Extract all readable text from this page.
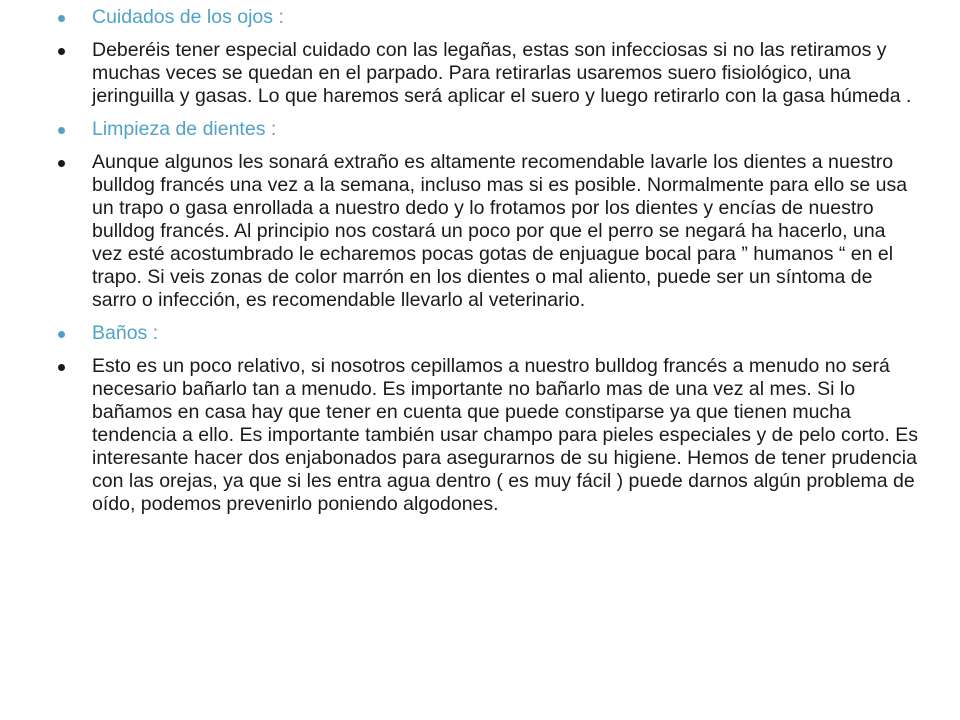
Cuidados de los ojos :
Deberéis tener especial cuidado con las legañas, estas son infecciosas si no las retiramos y muchas veces se quedan en el parpado. Para retirarlas usaremos suero fisiológico, una jeringuilla y gasas. Lo que haremos será aplicar el suero y luego retirarlo con la gasa húmeda .
Limpieza de dientes :
Aunque algunos les sonará extraño es altamente recomendable lavarle los dientes a nuestro bulldog francés una vez a la semana, incluso mas si es posible. Normalmente para ello se usa un trapo o gasa enrollada a nuestro dedo y lo frotamos por los dientes y encías de nuestro bulldog francés. Al principio nos costará un poco por que el perro se negará ha hacerlo, una vez esté acostumbrado le echaremos pocas gotas de enjuague bocal para ” humanos “ en el trapo. Si veis zonas de color marrón en los dientes o mal aliento, puede ser un síntoma de sarro o infección, es recomendable llevarlo al veterinario.
Baños :
Esto es un poco relativo, si nosotros cepillamos a nuestro bulldog francés a menudo no será necesario bañarlo tan a menudo. Es importante no bañarlo mas de una vez al mes. Si lo bañamos en casa hay que tener en cuenta que puede constiparse ya que tienen mucha tendencia a ello. Es importante también usar champo para pieles especiales y de pelo corto. Es interesante hacer dos enjabonados para asegurarnos de su higiene. Hemos de tener prudencia con las orejas, ya que si les entra agua dentro ( es muy fácil ) puede darnos algún problema de oído, podemos prevenirlo poniendo algodones.
